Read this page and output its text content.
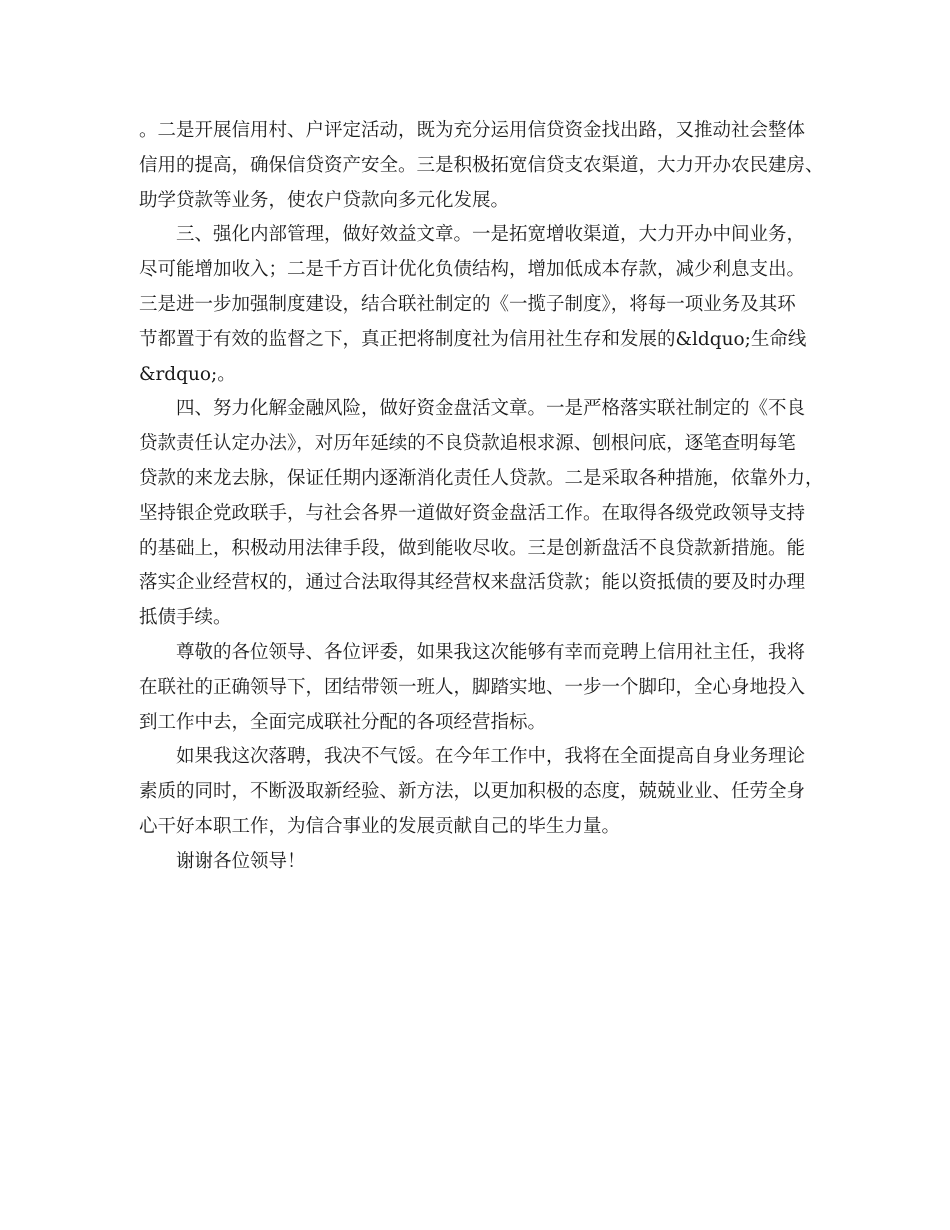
。二是开展信用村、户评定活动，既为充分运用信贷资金找出路，又推动社会整体
信用的提高，确保信贷资产安全。三是积极拓宽信贷支农渠道，大力开办农民建房、
助学贷款等业务，使农户贷款向多元化发展。
三、强化内部管理，做好效益文章。一是拓宽增收渠道，大力开办中间业务，
尽可能增加收入；二是千方百计优化负债结构，增加低成本存款，减少利息支出。
三是进一步加强制度建设，结合联社制定的《一揽子制度》，将每一项业务及其环
节都置于有效的监督之下，真正把将制度社为信用社生存和发展的&ldquo;生命线
&rdquo;。
四、努力化解金融风险，做好资金盘活文章。一是严格落实联社制定的《不良
贷款责任认定办法》，对历年延续的不良贷款追根求源、刨根问底，逐笔查明每笔
贷款的来龙去脉，保证任期内逐渐消化责任人贷款。二是采取各种措施，依靠外力，
坚持银企党政联手，与社会各界一道做好资金盘活工作。在取得各级党政领导支持
的基础上，积极动用法律手段，做到能收尽收。三是创新盘活不良贷款新措施。能
落实企业经营权的，通过合法取得其经营权来盘活贷款；能以资抵债的要及时办理
抵债手续。
尊敬的各位领导、各位评委，如果我这次能够有幸而竞聘上信用社主任，我将
在联社的正确领导下，团结带领一班人，脚踏实地、一步一个脚印，全心身地投入
到工作中去，全面完成联社分配的各项经营指标。
如果我这次落聘，我决不气馁。在今年工作中，我将在全面提高自身业务理论
素质的同时，不断汲取新经验、新方法，以更加积极的态度，兢兢业业、任劳全身
心干好本职工作，为信合事业的发展贡献自己的毕生力量。
谢谢各位领导！
